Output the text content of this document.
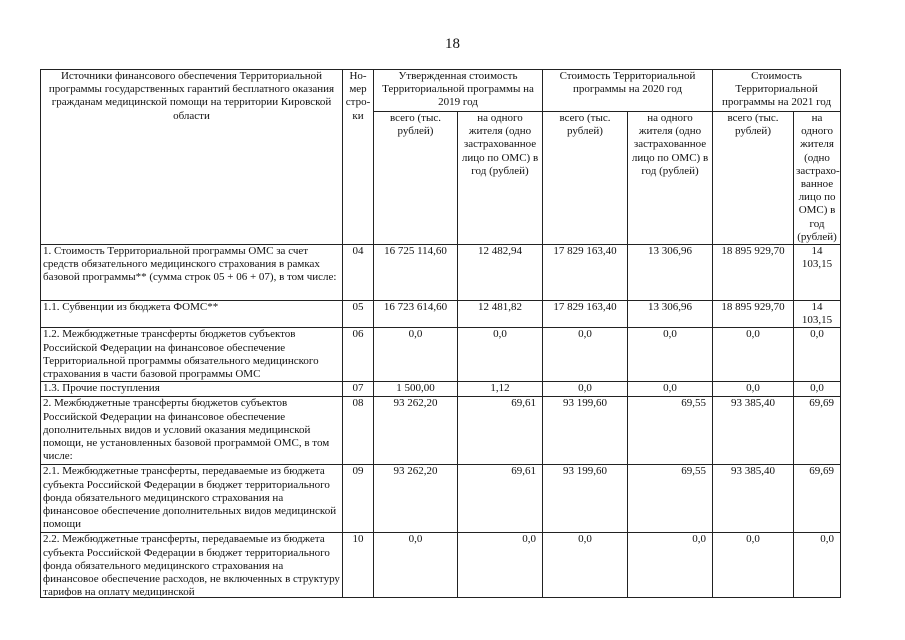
18
Источники финансового обеспечения Территориальной программы государственных гарантий бесплатного оказания гражданам медицинской помощи на территории Кировской области	Но-мер стро-ки	Утвержденная стоимость Территориальной программы на 2019 год		Стоимость Территориальной программы на 2020 год		Стоимость Территориальной программы на 2021 год	
		всего (тыс. рублей)	на одного жителя (одно застрахованное лицо по ОМС) в год (рублей)	всего (тыс. рублей)	на одного жителя (одно застрахованное лицо по ОМС) в год (рублей)	всего (тыс. рублей)	на одного жителя (одно застрахо-ванное лицо по ОМС) в год (рублей)
1. Стоимость Территориальной программы ОМС за счет средств обязательного медицинского страхования в рамках базовой программы** (сумма строк 05 + 06 + 07), в том числе:	04	16 725 114,60	12 482,94	17 829 163,40	13 306,96	18 895 929,70	14 103,15
1.1. Субвенции из бюджета ФОМС**	05	16 723 614,60	12 481,82	17 829 163,40	13 306,96	18 895 929,70	14 103,15
1.2. Межбюджетные трансферты бюджетов субъектов Российской Федерации на финансовое обеспечение Территориальной программы обязательного медицинского страхования в части базовой программы ОМС	06	0,0	0,0	0,0	0,0	0,0	0,0
1.3. Прочие поступления	07	1 500,00	1,12	0,0	0,0	0,0	0,0
2. Межбюджетные трансферты бюджетов субъектов Российской Федерации на финансовое обеспечение дополнительных видов и условий оказания медицинской помощи, не установленных базовой программой ОМС, в том числе:	08	93 262,20	69,61	93 199,60	69,55	93 385,40	69,69
2.1. Межбюджетные трансферты, передаваемые из бюджета субъекта Российской Федерации в бюджет территориального фонда обязательного медицинского страхования на финансовое обеспечение дополнительных видов медицинской помощи	09	93 262,20	69,61	93 199,60	69,55	93 385,40	69,69

2.2. Межбюджетные трансферты, передаваемые из бюджета субъекта Российской Федерации в бюджет территориального фонда обязательного медицинского страхования на финансовое обеспечение расходов, не включенных в структуру тарифов на оплату медицинской	10	0,0	0,0	0,0	0,0	0,0	0,0
